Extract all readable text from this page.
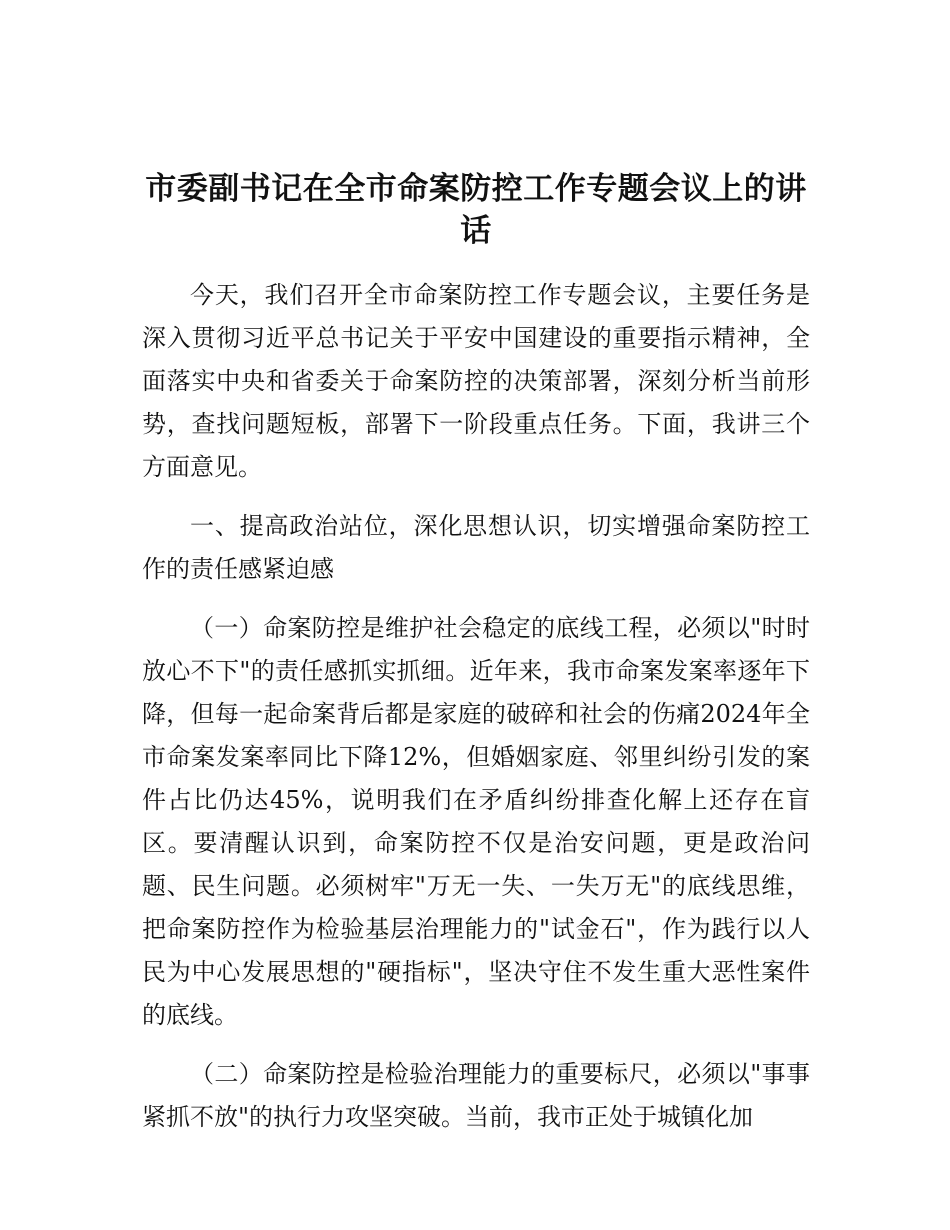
市委副书记在全市命案防控工作专题会议上的讲话

今天，我们召开全市命案防控工作专题会议，主要任务是深入贯彻习近平总书记关于平安中国建设的重要指示精神，全面落实中央和省委关于命案防控的决策部署，深刻分析当前形势，查找问题短板，部署下一阶段重点任务。下面，我讲三个方面意见。

一、提高政治站位，深化思想认识，切实增强命案防控工作的责任感紧迫感

（一）命案防控是维护社会稳定的底线工程，必须以"时时放心不下"的责任感抓实抓细。近年来，我市命案发案率逐年下降，但每一起命案背后都是家庭的破碎和社会的伤痛2024年全市命案发案率同比下降12%，但婚姻家庭、邻里纠纷引发的案件占比仍达45%，说明我们在矛盾纠纷排查化解上还存在盲区。要清醒认识到，命案防控不仅是治安问题，更是政治问题、民生问题。必须树牢"万无一失、一失万无"的底线思维，把命案防控作为检验基层治理能力的"试金石"，作为践行以人民为中心发展思想的"硬指标"，坚决守住不发生重大恶性案件的底线。

（二）命案防控是检验治理能力的重要标尺，必须以"事事紧抓不放"的执行力攻坚突破。当前，我市正处于城镇化加
